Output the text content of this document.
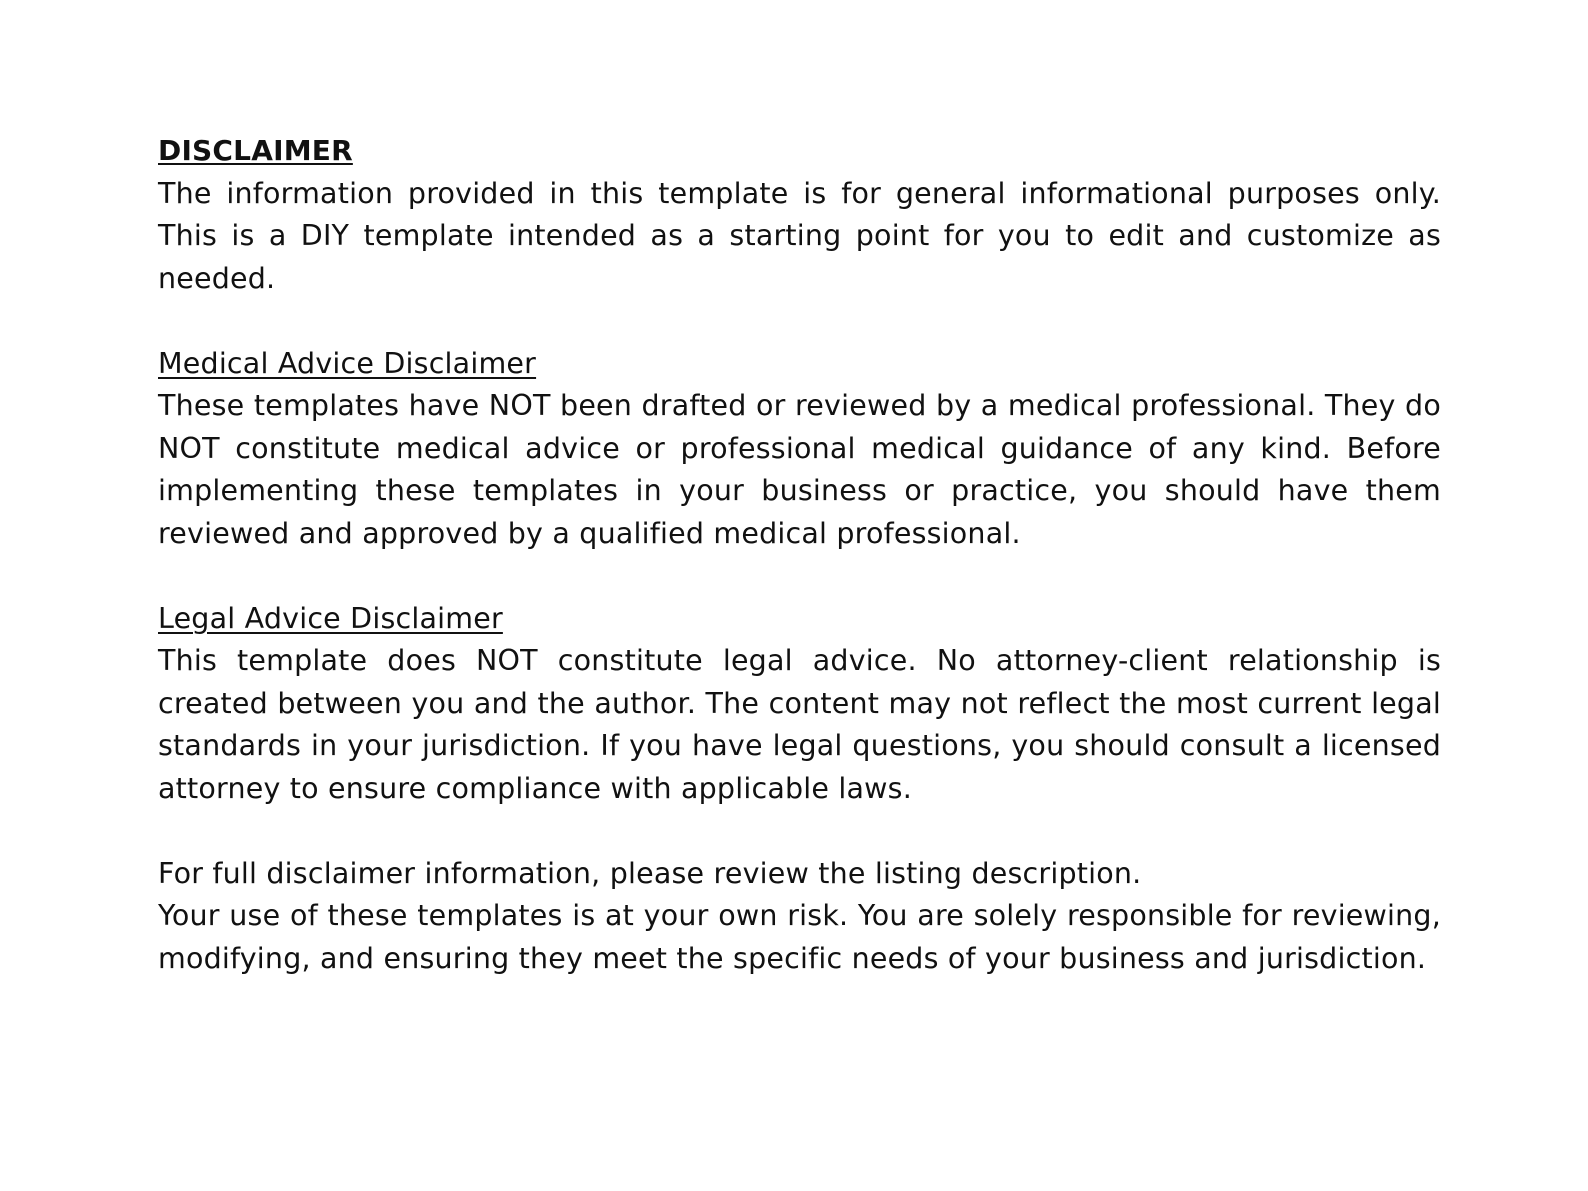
DISCLAIMER

The information provided in this template is for general informational purposes only. This is a DIY template intended as a starting point for you to edit and customize as needed.

Medical Advice Disclaimer

These templates have NOT been drafted or reviewed by a medical professional. They do NOT constitute medical advice or professional medical guidance of any kind. Before implementing these templates in your business or practice, you should have them reviewed and approved by a qualified medical professional.

Legal Advice Disclaimer

This template does NOT constitute legal advice. No attorney-client relationship is created between you and the author. The content may not reflect the most current legal standards in your jurisdiction. If you have legal questions, you should consult a licensed attorney to ensure compliance with applicable laws.

For full disclaimer information, please review the listing description.

Your use of these templates is at your own risk. You are solely responsible for reviewing, modifying, and ensuring they meet the specific needs of your business and jurisdiction.
